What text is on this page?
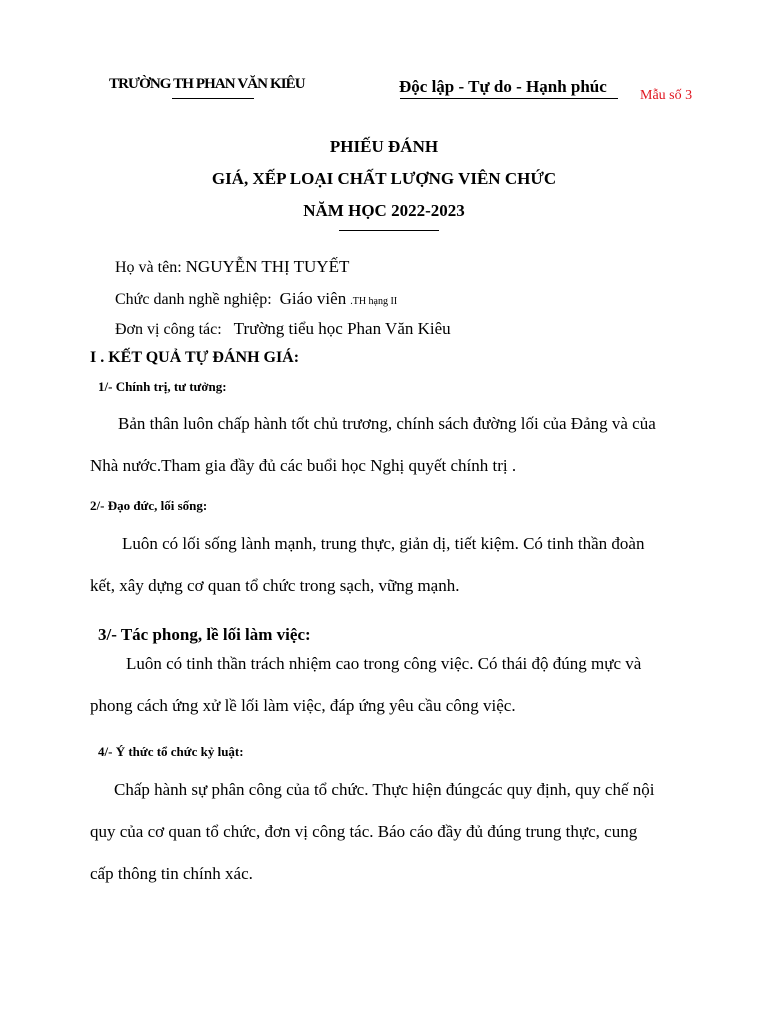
TRƯỜNG TH PHAN VĂN KIÊU	Độc lập - Tự do - Hạnh phúc Mẫu số 3
PHIẾU ĐÁNH
GIÁ, XẾP LOẠI CHẤT LƯỢNG VIÊN CHỨC
NĂM HỌC 2022-2023
Họ và tên: NGUYỄN THỊ TUYẾT
Chức danh nghề nghiệp: Giáo viên .TH hạng II
Đơn vị công tác: Trường tiểu học Phan Văn Kiêu
I . KẾT QUẢ TỰ ĐÁNH GIÁ:
1/- Chính trị, tư tưởng:
Bản thân luôn chấp hành tốt chủ trương, chính sách đường lối của Đảng và của
Nhà nước.Tham gia đầy đủ các buổi học Nghị quyết chính trị .
2/- Đạo đức, lối sống:
Luôn có lối sống lành mạnh, trung thực, giản dị, tiết kiệm. Có tinh thần đoàn
kết, xây dựng cơ quan tổ chức trong sạch, vững mạnh.
3/- Tác phong, lề lối làm việc:
Luôn có tinh thần trách nhiệm cao trong công việc. Có thái độ đúng mực và
phong cách ứng xử lề lối làm việc, đáp ứng yêu cầu công việc.
4/- Ý thức tổ chức kỷ luật:
Chấp hành sự phân công của tổ chức. Thực hiện đúngcác quy định, quy chế nội
quy của cơ quan tổ chức, đơn vị công tác. Báo cáo đầy đủ đúng trung thực, cung
cấp thông tin chính xác.
